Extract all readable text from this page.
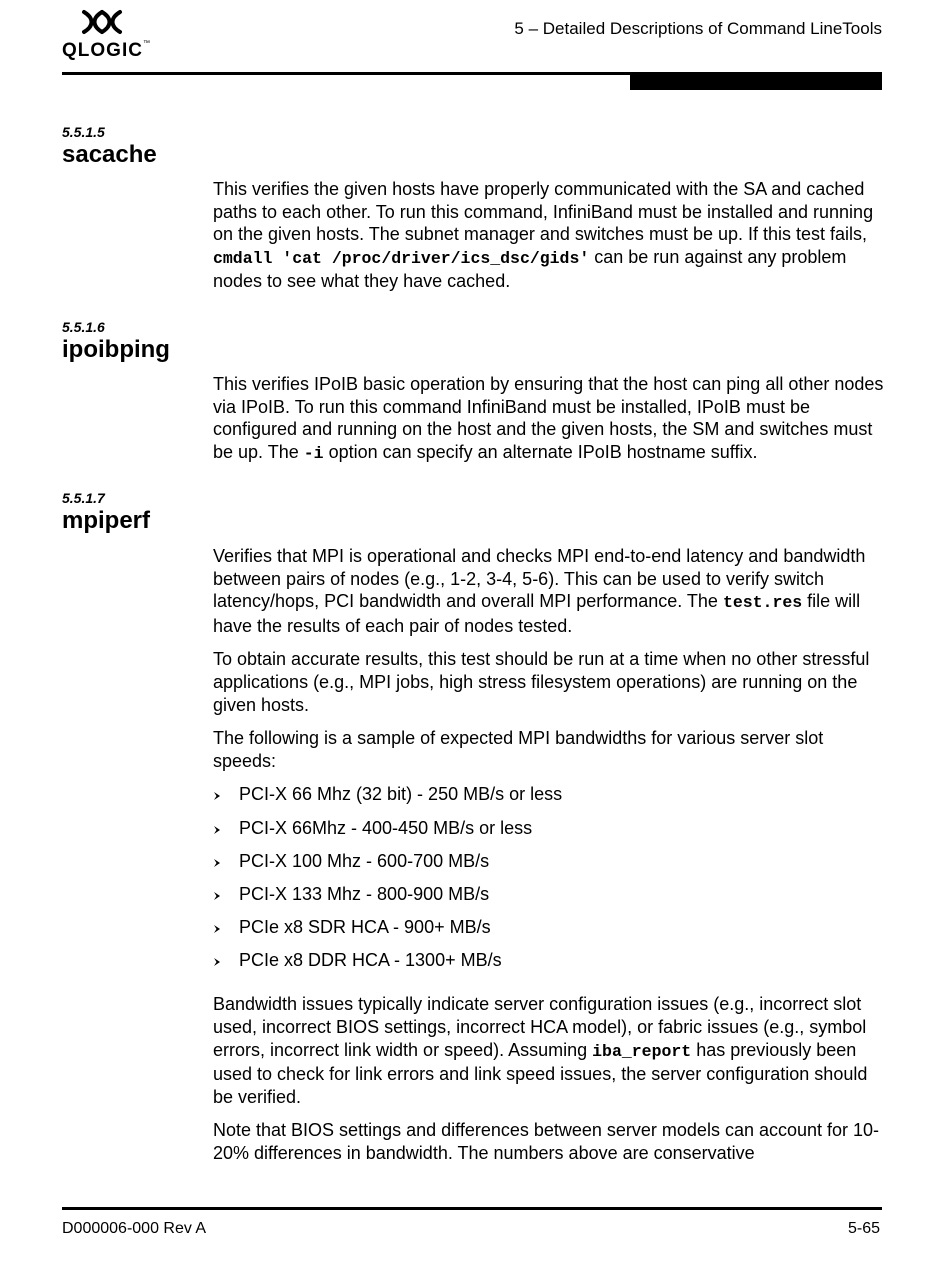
QLOGIC™
5 – Detailed Descriptions of Command LineTools
5.5.1.5
sacache

This verifies the given hosts have properly communicated with the SA and cached paths to each other. To run this command, InfiniBand must be installed and running on the given hosts. The subnet manager and switches must be up. If this test fails, cmdall 'cat /proc/driver/ics_dsc/gids' can be run against any problem nodes to see what they have cached.

5.5.1.6
ipoibping

This verifies IPoIB basic operation by ensuring that the host can ping all other nodes via IPoIB. To run this command InfiniBand must be installed, IPoIB must be configured and running on the host and the given hosts, the SM and switches must be up. The -i option can specify an alternate IPoIB hostname suffix.

5.5.1.7
mpiperf

Verifies that MPI is operational and checks MPI end-to-end latency and bandwidth between pairs of nodes (e.g., 1-2, 3-4, 5-6). This can be used to verify switch latency/hops, PCI bandwidth and overall MPI performance. The test.res file will have the results of each pair of nodes tested.

To obtain accurate results, this test should be run at a time when no other stressful applications (e.g., MPI jobs, high stress filesystem operations) are running on the given hosts.

The following is a sample of expected MPI bandwidths for various server slot speeds:

PCI-X 66 Mhz (32 bit) - 250 MB/s or less
PCI-X 66Mhz - 400-450 MB/s or less
PCI-X 100 Mhz - 600-700 MB/s
PCI-X 133 Mhz - 800-900 MB/s
PCIe x8 SDR HCA - 900+ MB/s
PCIe x8 DDR HCA - 1300+ MB/s

Bandwidth issues typically indicate server configuration issues (e.g., incorrect slot used, incorrect BIOS settings, incorrect HCA model), or fabric issues (e.g., symbol errors, incorrect link width or speed). Assuming iba_report has previously been used to check for link errors and link speed issues, the server configuration should be verified.

Note that BIOS settings and differences between server models can account for 10-20% differences in bandwidth. The numbers above are conservative

D000006-000 Rev A	5-65
